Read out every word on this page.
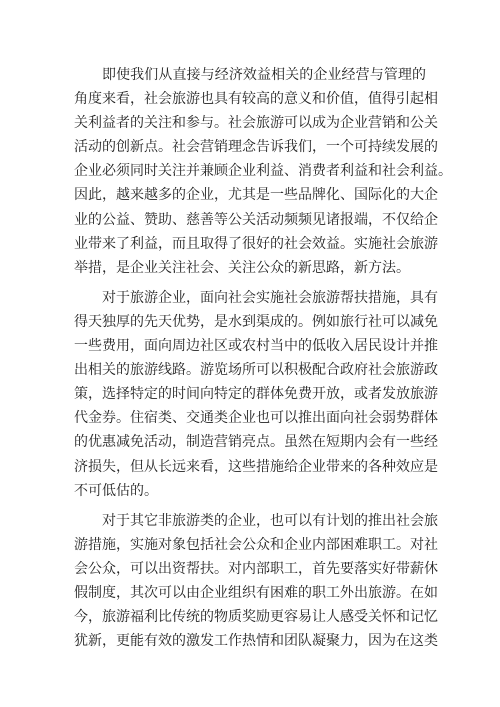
即使我们从直接与经济效益相关的企业经营与管理的
角度来看，社会旅游也具有较高的意义和价值，值得引起相
关利益者的关注和参与。社会旅游可以成为企业营销和公关
活动的创新点。社会营销理念告诉我们，一个可持续发展的
企业必须同时关注并兼顾企业利益、消费者利益和社会利益。
因此，越来越多的企业，尤其是一些品牌化、国际化的大企
业的公益、赞助、慈善等公关活动频频见诸报端，不仅给企
业带来了利益，而且取得了很好的社会效益。实施社会旅游
举措，是企业关注社会、关注公众的新思路，新方法。
对于旅游企业，面向社会实施社会旅游帮扶措施，具有
得天独厚的先天优势，是水到渠成的。例如旅行社可以减免
一些费用，面向周边社区或农村当中的低收入居民设计并推
出相关的旅游线路。游览场所可以积极配合政府社会旅游政
策，选择特定的时间向特定的群体免费开放，或者发放旅游
代金券。住宿类、交通类企业也可以推出面向社会弱势群体
的优惠减免活动，制造营销亮点。虽然在短期内会有一些经
济损失，但从长远来看，这些措施给企业带来的各种效应是
不可低估的。
对于其它非旅游类的企业，也可以有计划的推出社会旅
游措施，实施对象包括社会公众和企业内部困难职工。对社
会公众，可以出资帮扶。对内部职工，首先要落实好带薪休
假制度，其次可以由企业组织有困难的职工外出旅游。在如
今，旅游福利比传统的物质奖励更容易让人感受关怀和记忆
犹新，更能有效的激发工作热情和团队凝聚力，因为在这类
